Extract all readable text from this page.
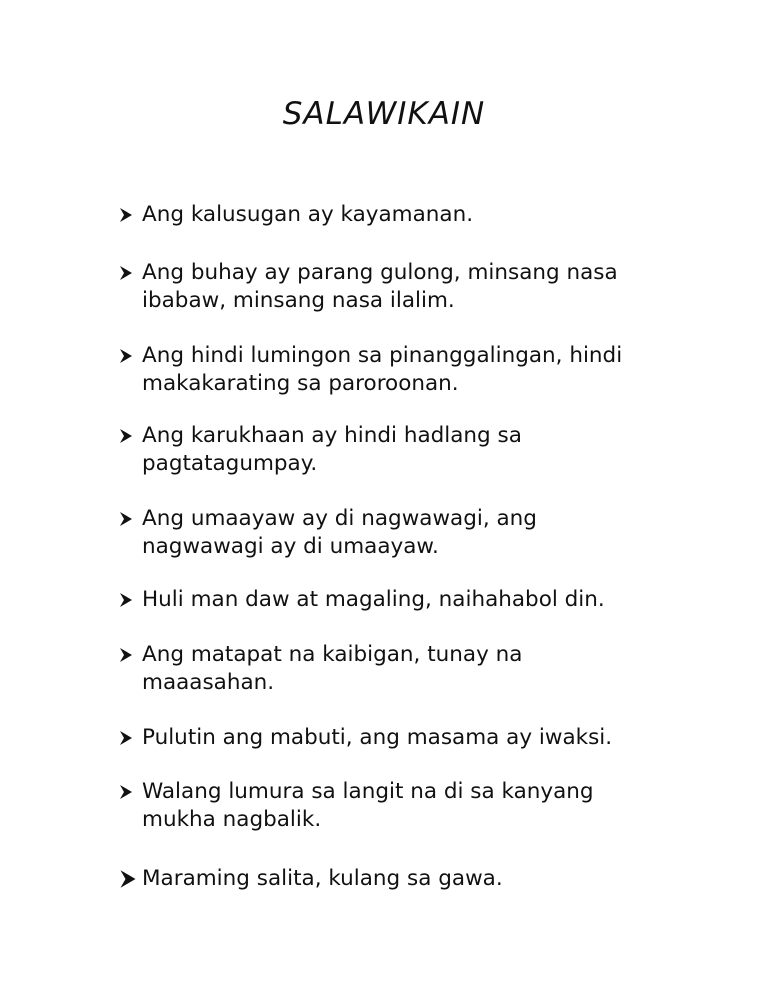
SALAWIKAIN
Ang kalusugan ay kayamanan.
Ang buhay ay parang gulong, minsang nasa ibabaw, minsang nasa ilalim.
Ang hindi lumingon sa pinanggalingan, hindi makakarating sa paroroonan.
Ang karukhaan ay hindi hadlang sa pagtatagumpay.
Ang umaayaw ay di nagwawagi, ang nagwawagi ay di umaayaw.
Huli man daw at magaling, naihahabol din.
Ang matapat na kaibigan, tunay na maaasahan.
Pulutin ang mabuti, ang masama ay iwaksi.
Walang lumura sa langit na di sa kanyang mukha nagbalik.
Maraming salita, kulang sa gawa.
